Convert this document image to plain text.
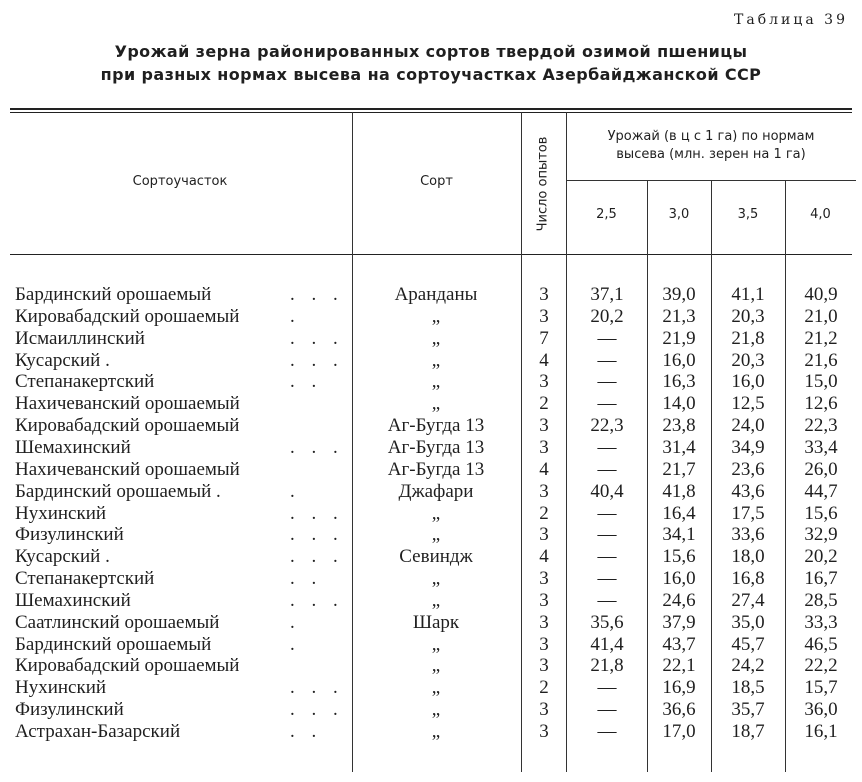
Таблица 39
Урожай зерна районированных сортов твердой озимой пшеницы
при разных нормах высева на сортоучастках Азербайджанской ССР
Сортоучасток	Сорт	Число опытов
Урожай (в ц с 1 га) по нормам
высева (млн. зерен на 1 га)
2,5	3,0	3,5	4,0
Бардинский орошаемый	. . .	Аранданы	3	37,1	39,0	41,1	40,9
Кировабадский орошаемый	.	„	3	20,2	21,3	20,3	21,0
Исмаиллинский	. . .	„	7	—	21,9	21,8	21,2
Кусарский .	. . .	„	4	—	16,0	20,3	21,6
Степанакертский	. .	„	3	—	16,3	16,0	15,0
Нахичеванский орошаемый	„	2	—	14,0	12,5	12,6
Кировабадский орошаемый	Аг-Бугда 13	3	22,3	23,8	24,0	22,3
Шемахинский	. . .	Аг-Бугда 13	3	—	31,4	34,9	33,4
Нахичеванский орошаемый	Аг-Бугда 13	4	—	21,7	23,6	26,0
Бардинский орошаемый .	.	Джафари	3	40,4	41,8	43,6	44,7
Нухинский	. . .	„	2	—	16,4	17,5	15,6
Физулинский	. . .	„	3	—	34,1	33,6	32,9
Кусарский .	. . .	Севиндж	4	—	15,6	18,0	20,2
Степанакертский	. .	„	3	—	16,0	16,8	16,7
Шемахинский	. . .	„	3	—	24,6	27,4	28,5
Саатлинский орошаемый	.	Шарк	3	35,6	37,9	35,0	33,3
Бардинский орошаемый	.	„	3	41,4	43,7	45,7	46,5
Кировабадский орошаемый	„	3	21,8	22,1	24,2	22,2
Нухинский	. . .	„	2	—	16,9	18,5	15,7
Физулинский	. . .	„	3	—	36,6	35,7	36,0
Астрахан-Базарский	. .	„	3	—	17,0	18,7	16,1
